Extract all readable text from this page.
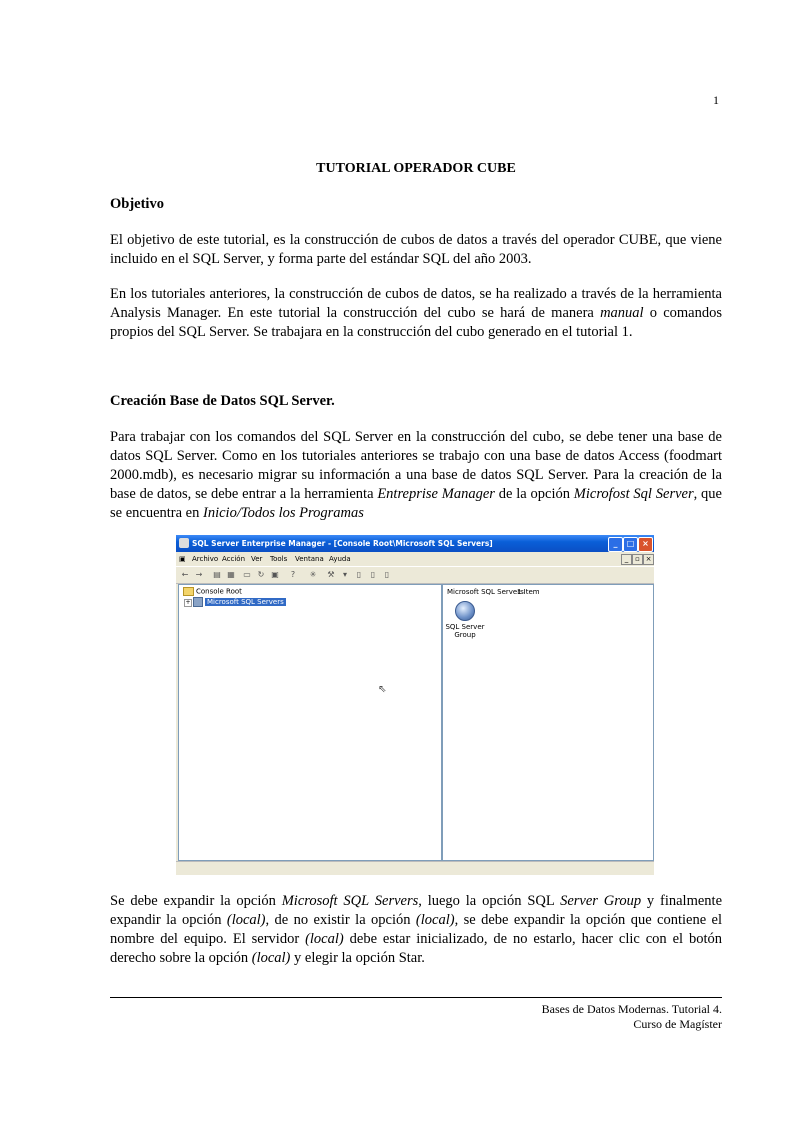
1
TUTORIAL OPERADOR CUBE
Objetivo
El objetivo de este tutorial, es la construcción de cubos de datos a través del operador CUBE, que viene incluido en el SQL Server, y forma parte del estándar SQL del año 2003.
En los tutoriales anteriores, la construcción de cubos de datos, se ha realizado a través de la herramienta Analysis Manager. En este tutorial la construcción del cubo se hará de manera manual o comandos propios del SQL Server. Se trabajara en la construcción del cubo generado en el tutorial 1.
Creación Base de Datos SQL Server.
Para trabajar con los comandos del SQL Server en la construcción del cubo, se debe tener una base de datos SQL Server. Como en los tutoriales anteriores se trabajo con una base de datos Access (foodmart 2000.mdb), es necesario migrar su información a una base de datos SQL Server. Para la creación de la base de datos, se debe entrar a la herramienta Entreprise Manager de la opción Microfost Sql Server, que se encuentra en Inicio/Todos los Programas
SQL Server Enterprise Manager - [Console Root\Microsoft SQL Servers]	_	□ ×
▣ Archivo Acción Ver Tools Ventana Ayuda	_ ▫ ×
← → ▤ ▦ ▭ ↻ ▣	?	✳ ⚒	▾	▯	▯	▯
Console Root
+	Microsoft SQL Servers
Microsoft SQL Servers
1 Item
SQL Server
Group
⇖
Se debe expandir la opción Microsoft SQL Servers, luego la opción SQL Server Group y finalmente expandir la opción (local), de no existir la opción (local), se debe expandir la opción que contiene el nombre del equipo. El servidor (local) debe estar inicializado, de no estarlo, hacer clic con el botón derecho sobre la opción (local) y elegir la opción Star.
Bases de Datos Modernas. Tutorial 4.
Curso de Magíster
